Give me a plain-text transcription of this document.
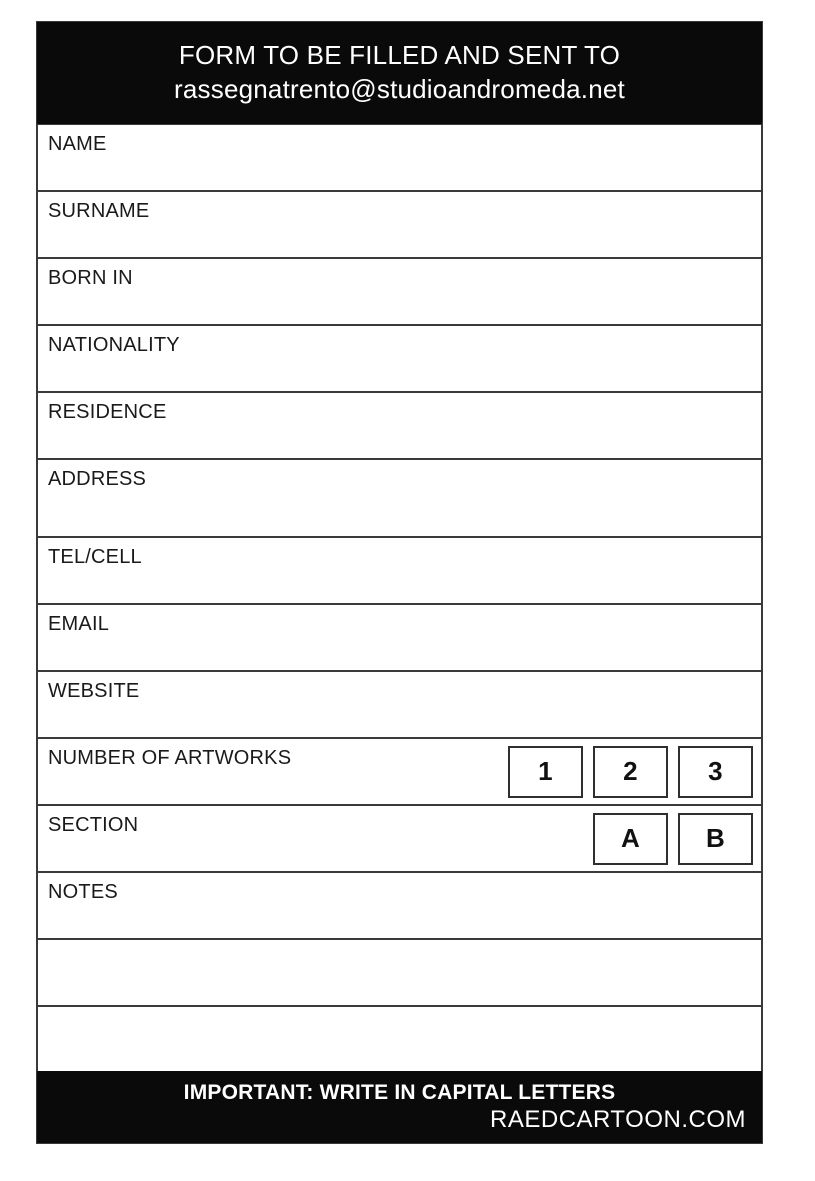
FORM TO BE FILLED AND SENT TO
rassegnatrento@studioandromeda.net
NAME
SURNAME
BORN IN
NATIONALITY
RESIDENCE
ADDRESS
TEL/CELL
EMAIL
WEBSITE
NUMBER OF ARTWORKS	1	2	3
SECTION	A	B
NOTES
IMPORTANT: WRITE IN CAPITAL LETTERS
RAEDCARTOON.COM
